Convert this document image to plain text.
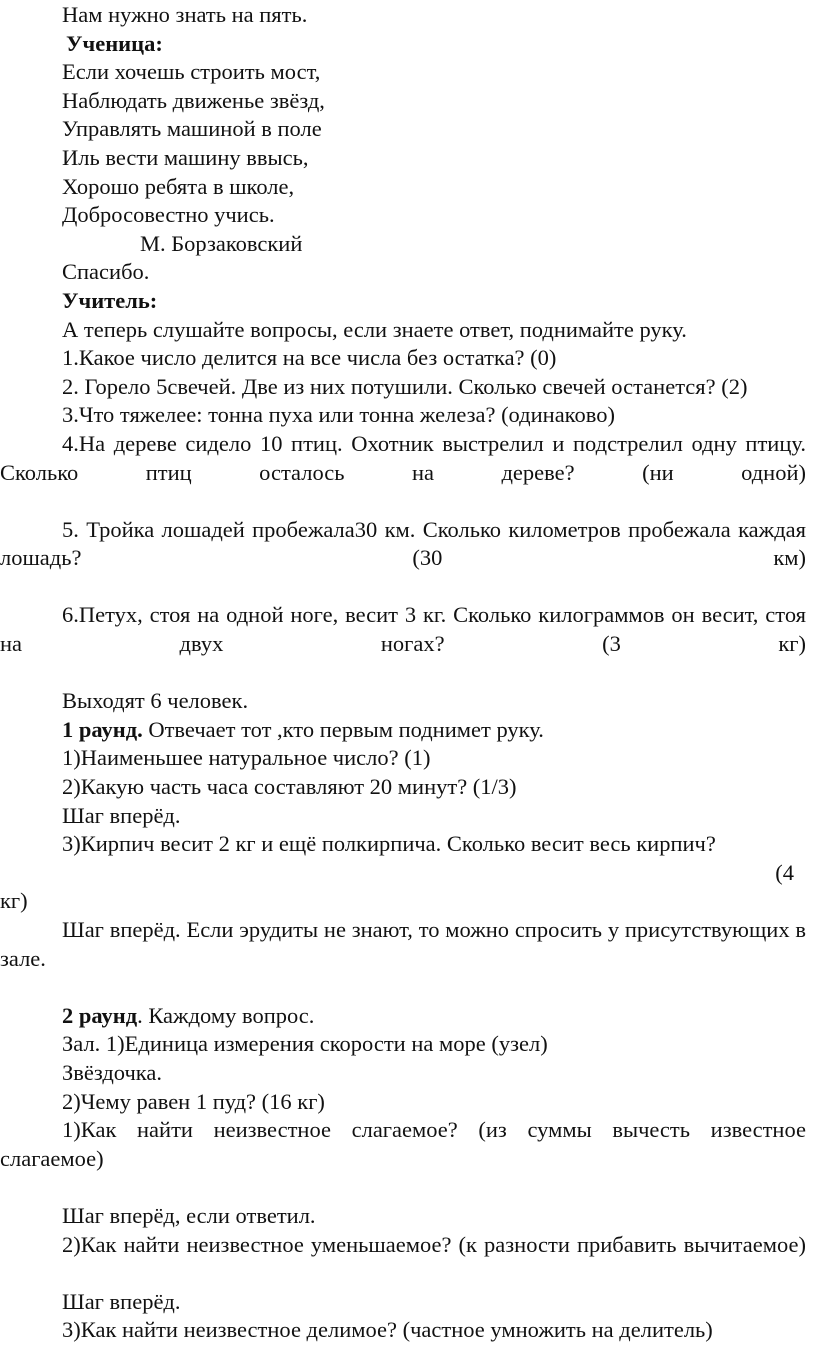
Нам нужно знать на пять.
Ученица:
Если хочешь строить мост,
Наблюдать движенье звёзд,
Управлять машиной в поле
Иль вести машину ввысь,
Хорошо ребята в школе,
Добросовестно учись.
М. Борзаковский
Спасибо.
Учитель:
А теперь слушайте вопросы, если знаете ответ, поднимайте руку.
1.Какое число делится на все числа без остатка? (0)
2. Горело 5свечей. Две из них потушили. Сколько свечей останется? (2)
3.Что тяжелее: тонна пуха или тонна железа? (одинаково)
4.На дереве сидело 10 птиц. Охотник выстрелил и подстрелил одну птицу. Сколько птиц осталось на дереве? (ни одной)
5. Тройка лошадей пробежала30 км. Сколько километров пробежала каждая лошадь? (30 км)
6.Петух, стоя на одной ноге, весит 3 кг. Сколько килограммов он весит, стоя на двух ногах? (3 кг)
Выходят 6 человек.
1 раунд. Отвечает тот ,кто первым поднимет руку.
1)Наименьшее натуральное число? (1)
2)Какую часть часа составляют 20 минут? (1/3)
Шаг вперёд.
3)Кирпич весит 2 кг и ещё полкирпича. Сколько весит весь кирпич?
(4
кг)
Шаг вперёд. Если эрудиты не знают, то можно спросить у присутствующих в зале.
2 раунд. Каждому вопрос.
Зал. 1)Единица измерения скорости на море (узел)
Звёздочка.
2)Чему равен 1 пуд? (16 кг)
1)Как найти неизвестное слагаемое? (из суммы вычесть известное слагаемое)
Шаг вперёд, если ответил.
2)Как найти неизвестное уменьшаемое? (к разности прибавить вычитаемое)
Шаг вперёд.
3)Как найти неизвестное делимое? (частное умножить на делитель)
